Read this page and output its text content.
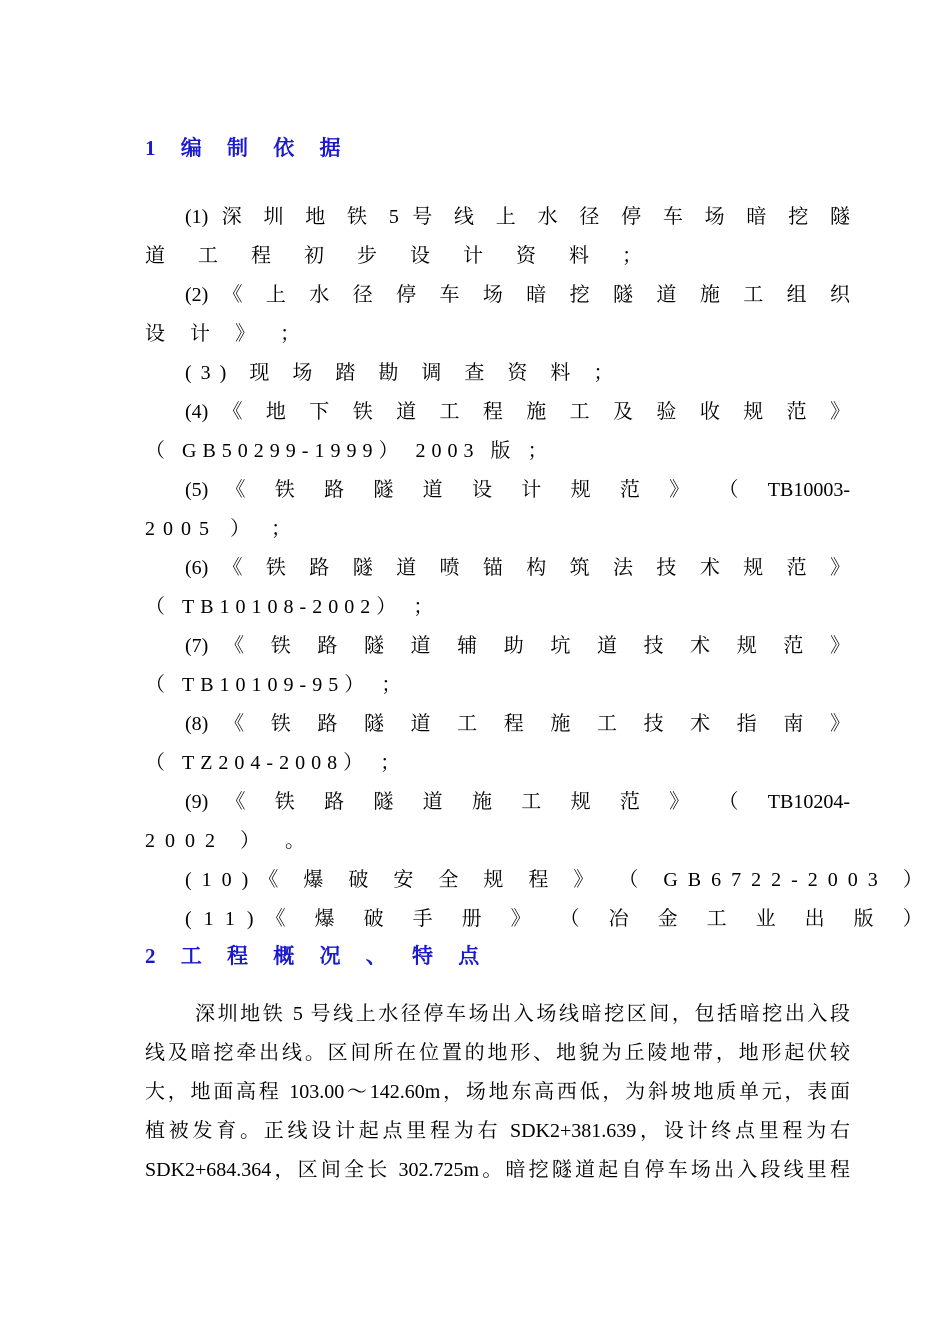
1 编 制 依 据
(1) 深 圳 地 铁 5 号 线 上 水 径 停 车 场 暗 挖 隧
道 工 程 初 步 设 计 资 料 ；
(2) 《 上 水 径 停 车 场 暗 挖 隧 道 施 工 组 织
设 计 》 ；
(3) 现 场 踏 勘 调 查 资 料 ；
(4) 《 地 下 铁 道 工 程 施 工 及 验 收 规 范 》
（ GB50299-1999） 2003 版 ；
(5) 《 铁 路 隧 道 设 计 规 范 》 （ TB10003-
2005 ） ；
(6) 《 铁 路 隧 道 喷 锚 构 筑 法 技 术 规 范 》
（ TB10108-2002） ；
(7) 《 铁 路 隧 道 辅 助 坑 道 技 术 规 范 》
（ TB10109-95） ；
(8) 《 铁 路 隧 道 工 程 施 工 技 术 指 南 》
（ TZ204-2008） ；
(9) 《 铁 路 隧 道 施 工 规 范 》 （ TB10204-
2002 ） 。
(10)《 爆 破 安 全 规 程 》 （ GB6722-2003 ）
(11)《 爆 破 手 册 》 （ 冶 金 工 业 出 版 ）
2 工 程 概 况 、 特 点
深圳地铁 5 号线上水径停车场出入场线暗挖区间，包括暗挖出入段
线及暗挖牵出线。区间所在位置的地形、地貌为丘陵地带，地形起伏较
大，地面高程 103.00～142.60m，场地东高西低，为斜坡地质单元，表面
植被发育。正线设计起点里程为右 SDK2+381.639，设计终点里程为右
SDK2+684.364，区间全长 302.725m。暗挖隧道起自停车场出入段线里程
